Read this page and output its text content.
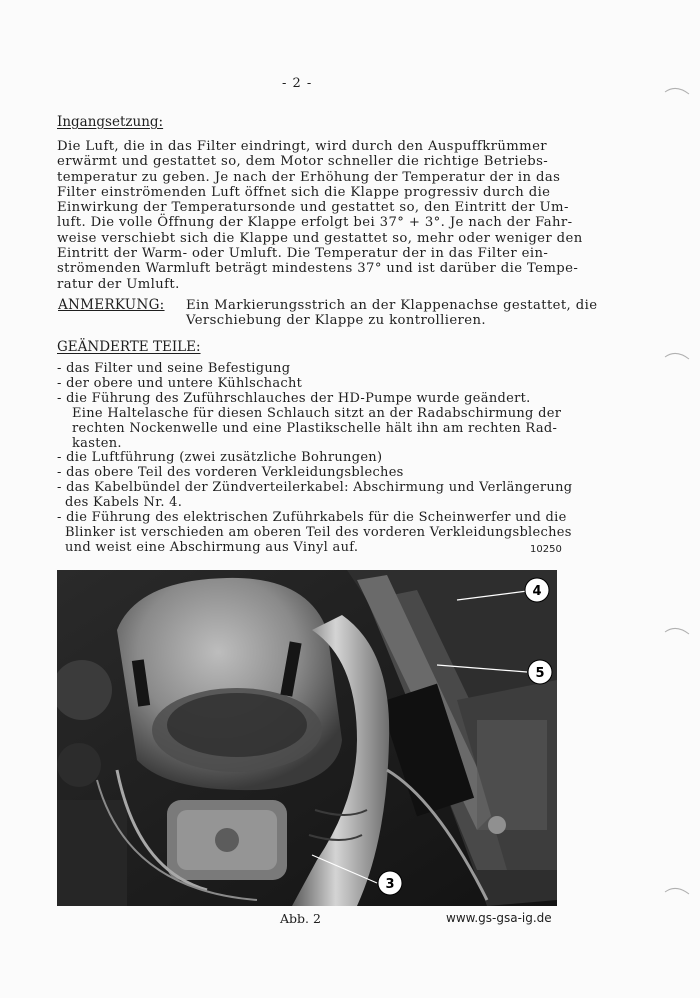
- 2 -
Ingangsetzung:
Die Luft, die in das Filter eindringt, wird durch den Auspuffkrümmer
erwärmt und gestattet so, dem Motor schneller die richtige Betriebs-
temperatur zu geben. Je nach der Erhöhung der Temperatur der in das
Filter einströmenden Luft öffnet sich die Klappe progressiv durch die
Einwirkung der Temperatursonde und gestattet so, den Eintritt der Um-
luft. Die volle Öffnung der Klappe erfolgt bei 37° + 3°. Je nach der Fahr-
weise verschiebt sich die Klappe und gestattet so, mehr oder weniger den
Eintritt der Warm- oder Umluft. Die Temperatur der in das Filter ein-
strömenden Warmluft beträgt mindestens 37° und ist darüber die Tempe-
ratur der Umluft.
ANMERKUNG: Ein Markierungsstrich an der Klappenachse gestattet, die
Verschiebung der Klappe zu kontrollieren.
GEÄNDERTE TEILE:
- das Filter und seine Befestigung
- der obere und untere Kühlschacht
- die Führung des Zuführschlauches der HD-Pumpe wurde geändert.
Eine Haltelasche für diesen Schlauch sitzt an der Radabschirmung der
rechten Nockenwelle und eine Plastikschelle hält ihn am rechten Rad-
kasten.
- die Luftführung (zwei zusätzliche Bohrungen)
- das obere Teil des vorderen Verkleidungsbleches
- das Kabelbündel der Zündverteilerkabel: Abschirmung und Verlängerung
des Kabels Nr. 4.
- die Führung des elektrischen Zuführkabels für die Scheinwerfer und die
Blinker ist verschieden am oberen Teil des vorderen Verkleidungsbleches
und weist eine Abschirmung aus Vinyl auf.	10250
4
5
3
Abb. 2	www.gs-gsa-ig.de
